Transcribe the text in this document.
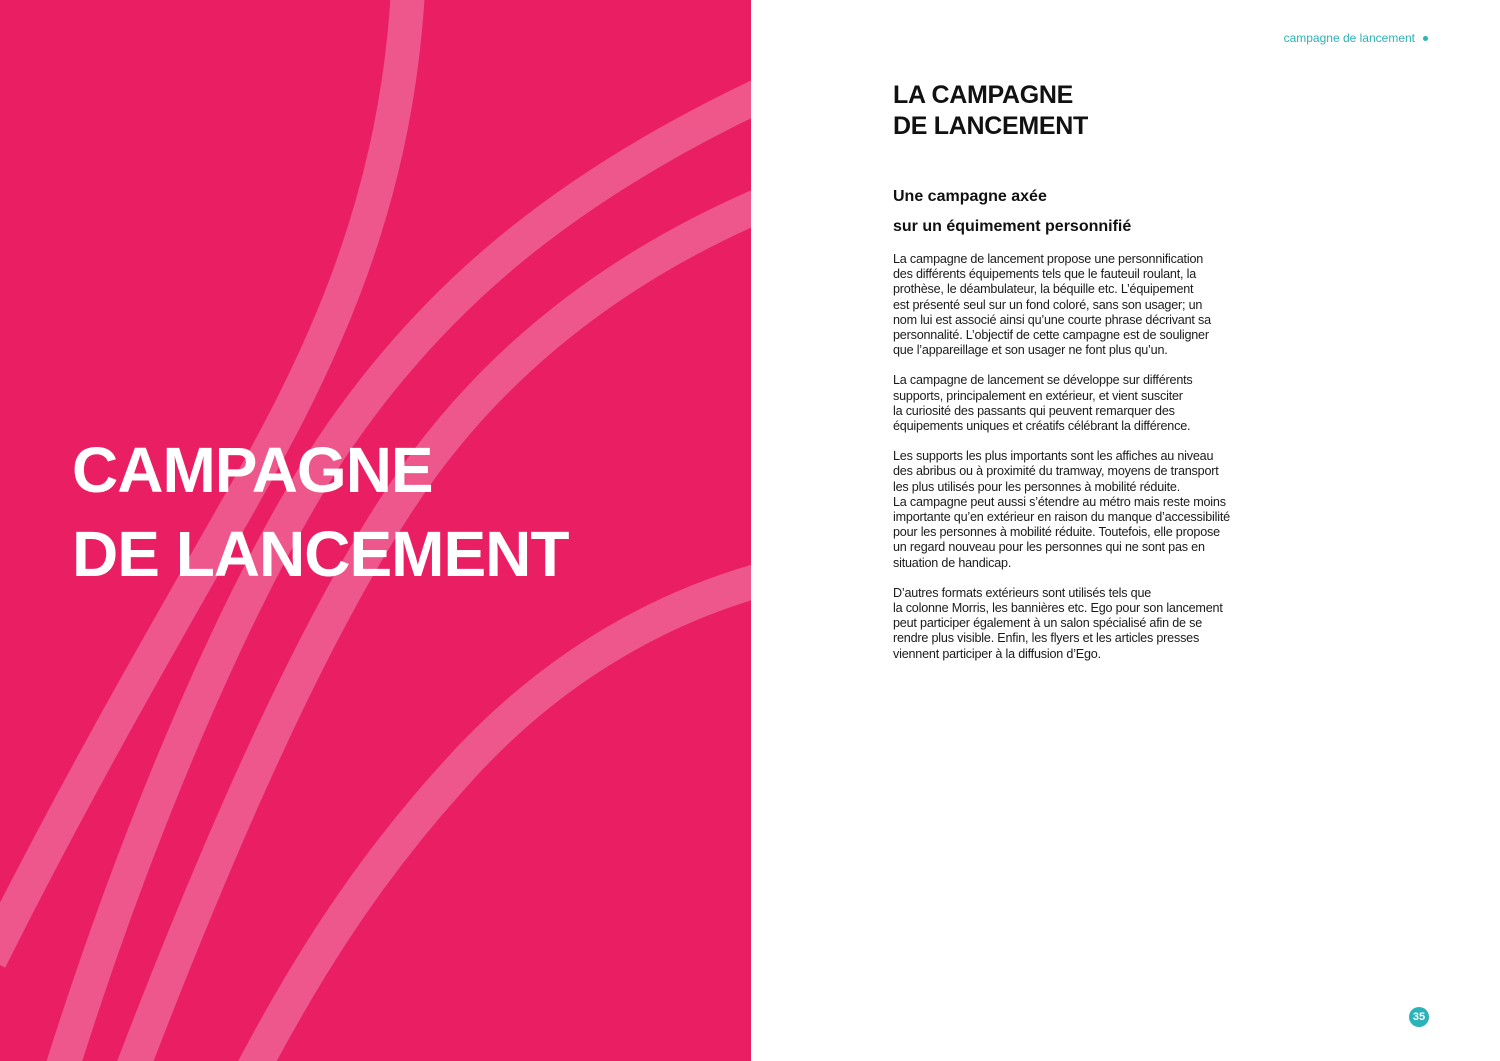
CAMPAGNE
DE LANCEMENT
campagne de lancement
LA CAMPAGNE
DE LANCEMENT
Une campagne axée
sur un équimement personnifié

La campagne de lancement propose une personnification
des différents équipements tels que le fauteuil roulant, la
prothèse, le déambulateur, la béquille etc. L’équipement
est présenté seul sur un fond coloré, sans son usager; un
nom lui est associé ainsi qu’une courte phrase décrivant sa
personnalité. L’objectif de cette campagne est de souligner
que l’appareillage et son usager ne font plus qu’un.

La campagne de lancement se développe sur différents
supports, principalement en extérieur, et vient susciter
la curiosité des passants qui peuvent remarquer des
équipements uniques et créatifs célébrant la différence.

Les supports les plus importants sont les affiches au niveau
des abribus ou à proximité du tramway, moyens de transport
les plus utilisés pour les personnes à mobilité réduite.
La campagne peut aussi s’étendre au métro mais reste moins
importante qu’en extérieur en raison du manque d’accessibilité
pour les personnes à mobilité réduite. Toutefois, elle propose
un regard nouveau pour les personnes qui ne sont pas en
situation de handicap.

D’autres formats extérieurs sont utilisés tels que
la colonne Morris, les bannières etc. Ego pour son lancement
peut participer également à un salon spécialisé afin de se
rendre plus visible. Enfin, les flyers et les articles presses
viennent participer à la diffusion d’Ego.

35
